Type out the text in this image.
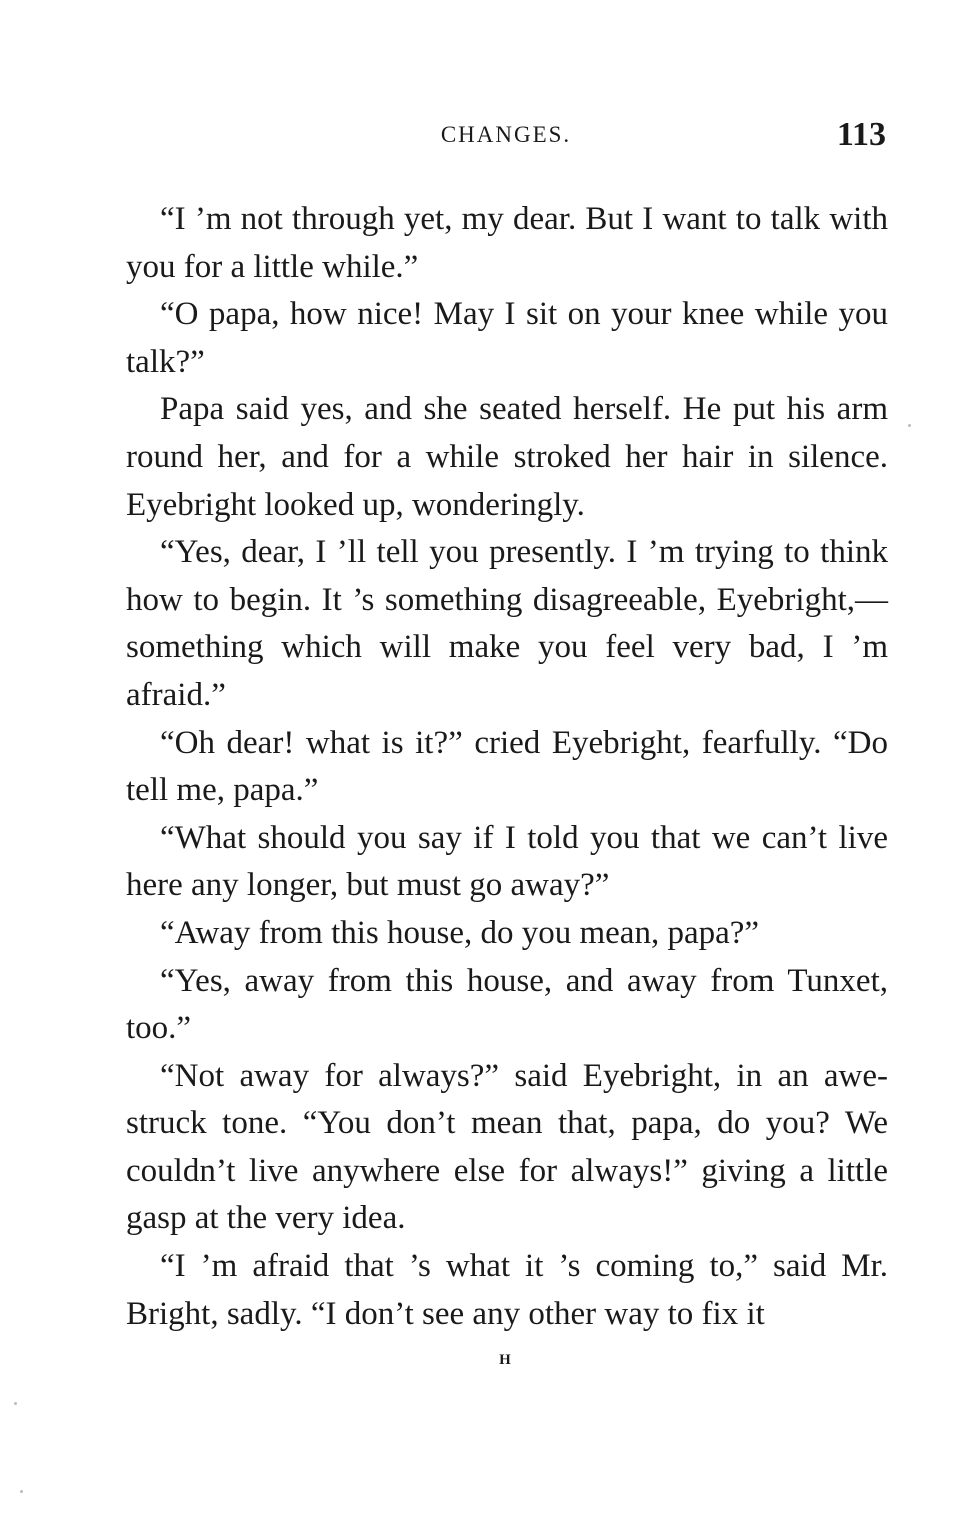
CHANGES.	113

“I ’m not through yet, my dear. But I want to talk with you for a little while.”

“O papa, how nice! May I sit on your knee while you talk?”

Papa said yes, and she seated herself. He put his arm round her, and for a while stroked her hair in silence. Eyebright looked up, wonderingly.

“Yes, dear, I ’ll tell you presently. I ’m trying to think how to begin. It ’s something disagreeable, Eyebright,—something which will make you feel very bad, I ’m afraid.”

“Oh dear! what is it?” cried Eyebright, fearfully. “Do tell me, papa.”

“What should you say if I told you that we can’t live here any longer, but must go away?”

“Away from this house, do you mean, papa?”

“Yes, away from this house, and away from Tunxet, too.”

“Not away for always?” said Eyebright, in an awe-struck tone. “You don’t mean that, papa, do you? We couldn’t live anywhere else for always!” giving a little gasp at the very idea.

“I ’m afraid that ’s what it ’s coming to,” said Mr. Bright, sadly. “I don’t see any other way to fix it

H
